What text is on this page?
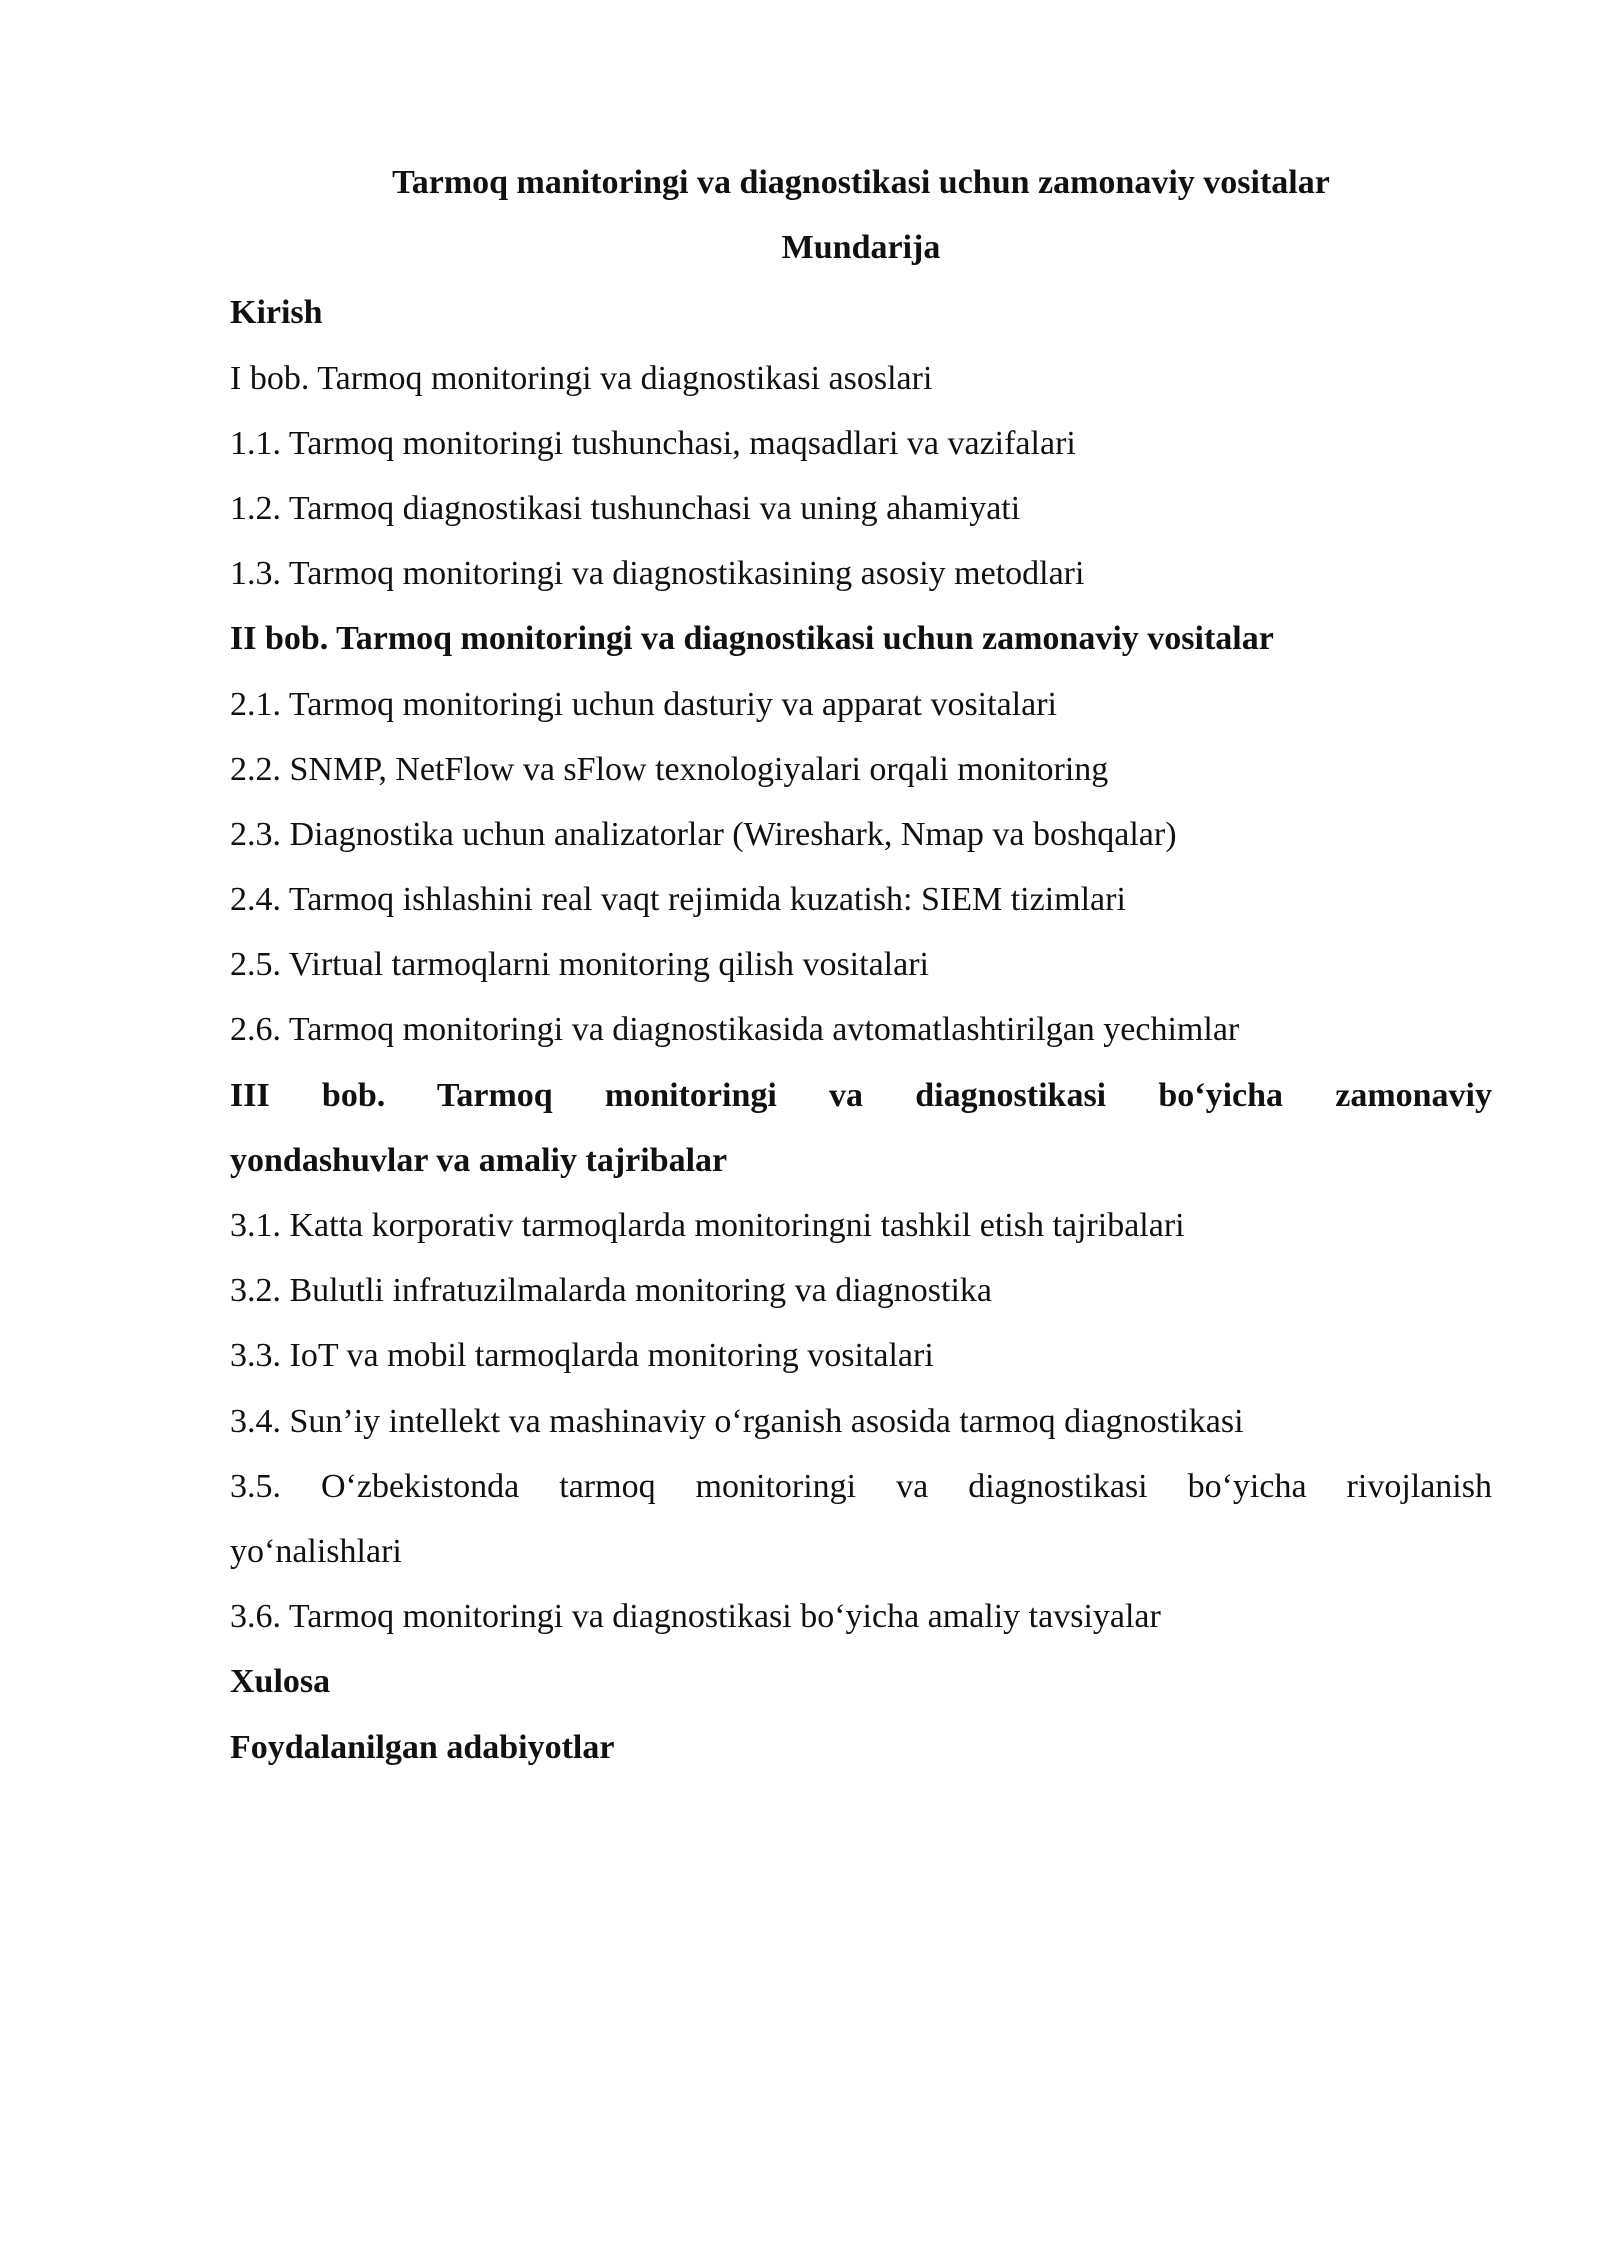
Tarmoq manitoringi va diagnostikasi uchun zamonaviy vositalar
Mundarija
Kirish
I bob. Tarmoq monitoringi va diagnostikasi asoslari
1.1. Tarmoq monitoringi tushunchasi, maqsadlari va vazifalari
1.2. Tarmoq diagnostikasi tushunchasi va uning ahamiyati
1.3. Tarmoq monitoringi va diagnostikasining asosiy metodlari
II bob. Tarmoq monitoringi va diagnostikasi uchun zamonaviy vositalar
2.1. Tarmoq monitoringi uchun dasturiy va apparat vositalari
2.2. SNMP, NetFlow va sFlow texnologiyalari orqali monitoring
2.3. Diagnostika uchun analizatorlar (Wireshark, Nmap va boshqalar)
2.4. Tarmoq ishlashini real vaqt rejimida kuzatish: SIEM tizimlari
2.5. Virtual tarmoqlarni monitoring qilish vositalari
2.6. Tarmoq monitoringi va diagnostikasida avtomatlashtirilgan yechimlar
III bob. Tarmoq monitoringi va diagnostikasi bo‘yicha zamonaviy
yondashuvlar va amaliy tajribalar
3.1. Katta korporativ tarmoqlarda monitoringni tashkil etish tajribalari
3.2. Bulutli infratuzilmalarda monitoring va diagnostika
3.3. IoT va mobil tarmoqlarda monitoring vositalari
3.4. Sun’iy intellekt va mashinaviy o‘rganish asosida tarmoq diagnostikasi
3.5. O‘zbekistonda tarmoq monitoringi va diagnostikasi bo‘yicha rivojlanish
yo‘nalishlari
3.6. Tarmoq monitoringi va diagnostikasi bo‘yicha amaliy tavsiyalar
Xulosa
Foydalanilgan adabiyotlar
